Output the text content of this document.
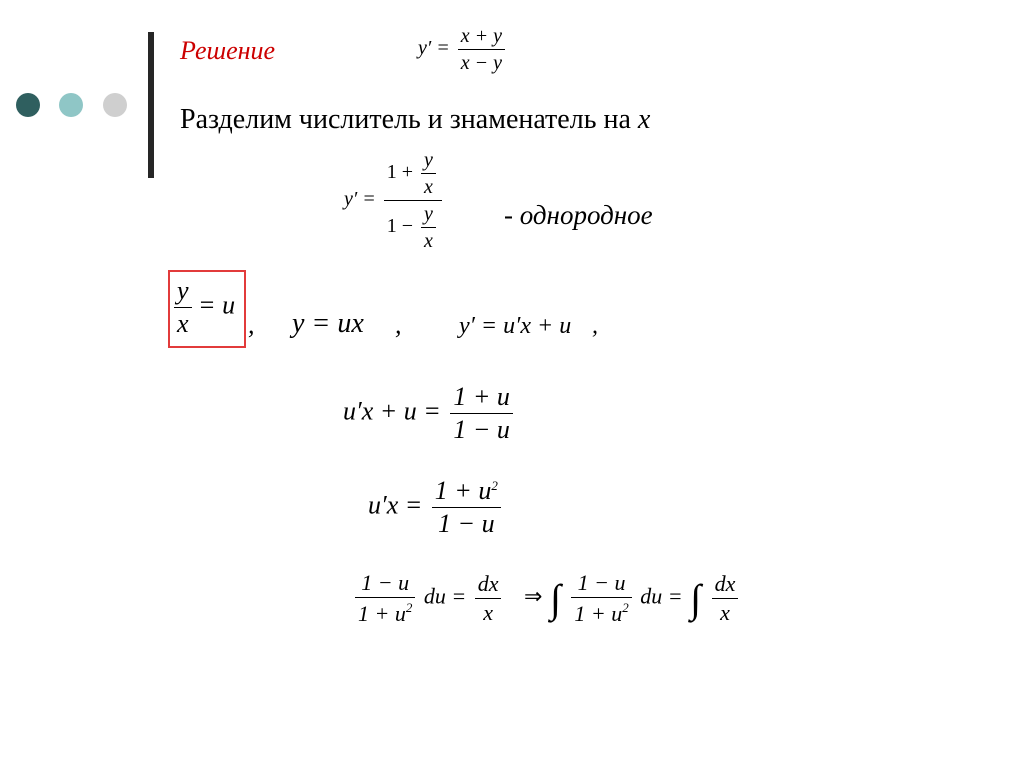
Решение	$y' = \frac{x + y}{x - y}$
Разделим числитель и знаменатель на x
$y' = \frac{1 + \frac{y}{x}}{1 - \frac{y}{x}}$ - однородное
$\frac{y}{x} = u$
, y = ux , y′ = u′x + u ,
$u'x + u = \frac{1 + u}{1 - u}$
$u'x = \frac{1 + u^2}{1 - u}$
$\frac{1 - u}{1 + u^2}$ du = $\frac{dx}{x}$ ⇒ ∫ $\frac{1 - u}{1 + u^2}$ du = ∫ $\frac{dx}{x}$
